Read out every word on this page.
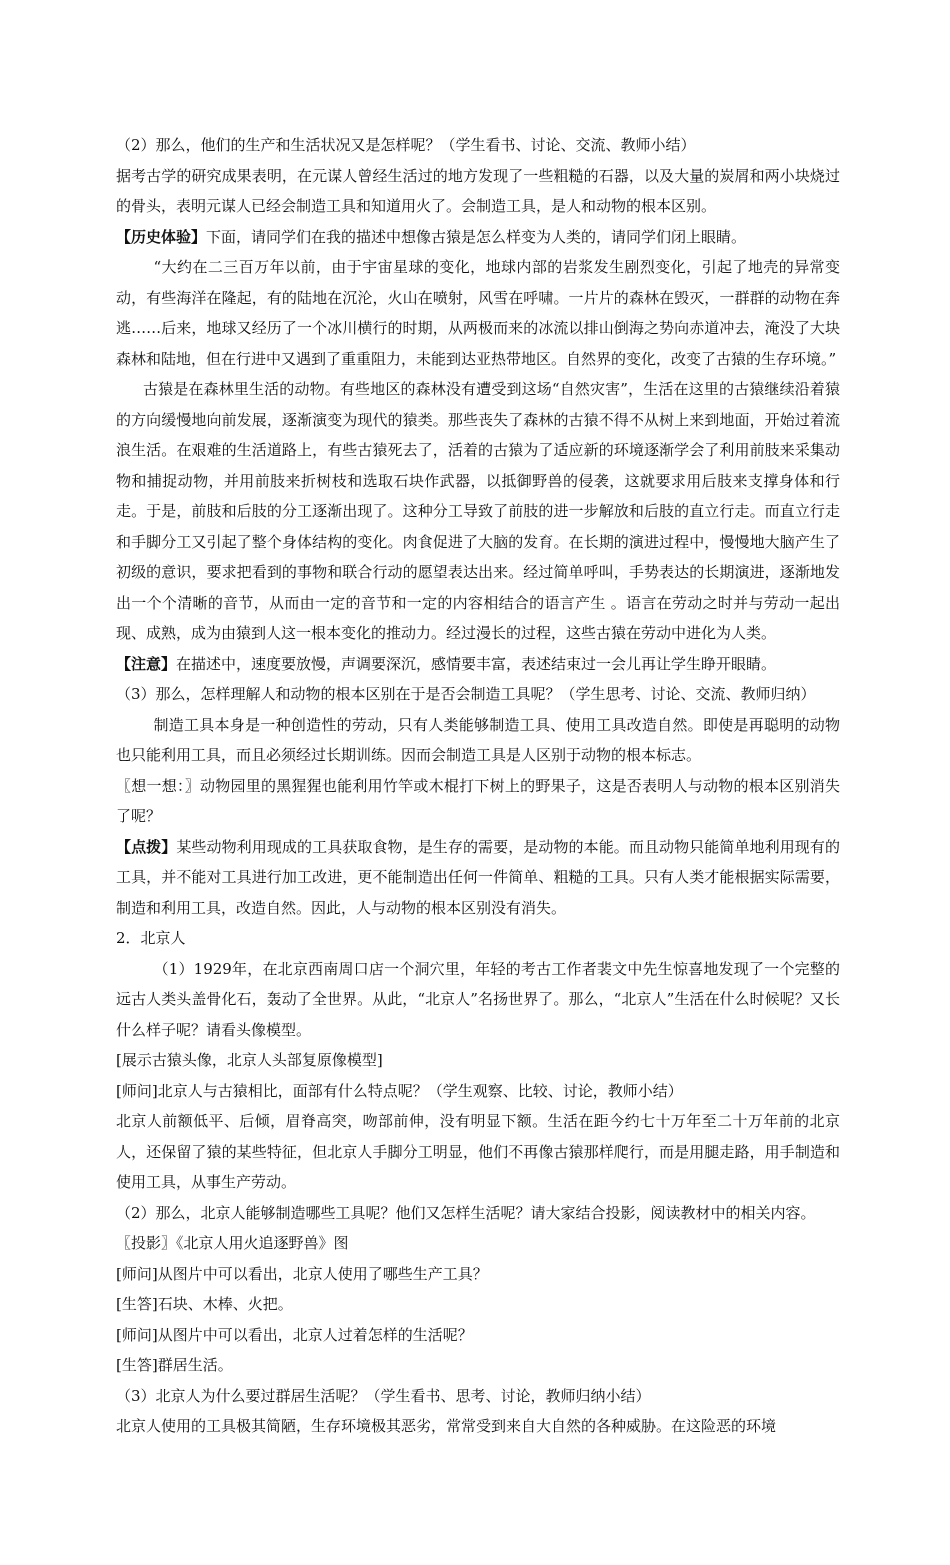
（2）那么，他们的生产和生活状况又是怎样呢？（学生看书、讨论、交流、教师小结）

据考古学的研究成果表明，在元谋人曾经生活过的地方发现了一些粗糙的石器，以及大量的炭屑和两小块烧过的骨头，表明元谋人已经会制造工具和知道用火了。会制造工具，是人和动物的根本区别。

【历史体验】下面，请同学们在我的描述中想像古猿是怎么样变为人类的，请同学们闭上眼睛。

“大约在二三百万年以前，由于宇宙星球的变化，地球内部的岩浆发生剧烈变化，引起了地壳的异常变动，有些海洋在隆起，有的陆地在沉沦，火山在喷射，风雪在呼啸。一片片的森林在毁灭，一群群的动物在奔逃……后来，地球又经历了一个冰川横行的时期，从两极而来的冰流以排山倒海之势向赤道冲去，淹没了大块森林和陆地，但在行进中又遇到了重重阻力，未能到达亚热带地区。自然界的变化，改变了古猿的生存环境。”

古猿是在森林里生活的动物。有些地区的森林没有遭受到这场“自然灾害”，生活在这里的古猿继续沿着猿的方向缓慢地向前发展，逐渐演变为现代的猿类。那些丧失了森林的古猿不得不从树上来到地面，开始过着流浪生活。在艰难的生活道路上，有些古猿死去了，活着的古猿为了适应新的环境逐渐学会了利用前肢来采集动物和捕捉动物，并用前肢来折树枝和选取石块作武器，以抵御野兽的侵袭，这就要求用后肢来支撑身体和行走。于是，前肢和后肢的分工逐渐出现了。这种分工导致了前肢的进一步解放和后肢的直立行走。而直立行走和手脚分工又引起了整个身体结构的变化。肉食促进了大脑的发育。在长期的演进过程中，慢慢地大脑产生了初级的意识，要求把看到的事物和联合行动的愿望表达出来。经过简单呼叫，手势表达的长期演进，逐渐地发出一个个清晰的音节，从而由一定的音节和一定的内容相结合的语言产生 。语言在劳动之时并与劳动一起出现、成熟，成为由猿到人这一根本变化的推动力。经过漫长的过程，这些古猿在劳动中进化为人类。

【注意】在描述中，速度要放慢，声调要深沉，感情要丰富，表述结束过一会儿再让学生睁开眼睛。

（3）那么，怎样理解人和动物的根本区别在于是否会制造工具呢？（学生思考、讨论、交流、教师归纳）

制造工具本身是一种创造性的劳动，只有人类能够制造工具、使用工具改造自然。即使是再聪明的动物也只能利用工具，而且必须经过长期训练。因而会制造工具是人区别于动物的根本标志。

〖想一想：〗动物园里的黑猩猩也能利用竹竿或木棍打下树上的野果子，这是否表明人与动物的根本区别消失了呢？

【点拨】某些动物利用现成的工具获取食物，是生存的需要，是动物的本能。而且动物只能简单地利用现有的工具，并不能对工具进行加工改进，更不能制造出任何一件简单、粗糙的工具。只有人类才能根据实际需要，制造和利用工具，改造自然。因此，人与动物的根本区别没有消失。

2．北京人

（1）1929年，在北京西南周口店一个洞穴里，年轻的考古工作者裴文中先生惊喜地发现了一个完整的远古人类头盖骨化石，轰动了全世界。从此，“北京人”名扬世界了。那么，“北京人”生活在什么时候呢？又长什么样子呢？请看头像模型。

[展示古猿头像，北京人头部复原像模型]

[师问]北京人与古猿相比，面部有什么特点呢？（学生观察、比较、讨论，教师小结）

北京人前额低平、后倾，眉脊高突，吻部前伸，没有明显下额。生活在距今约七十万年至二十万年前的北京人，还保留了猿的某些特征，但北京人手脚分工明显，他们不再像古猿那样爬行，而是用腿走路，用手制造和使用工具，从事生产劳动。

（2）那么，北京人能够制造哪些工具呢？他们又怎样生活呢？请大家结合投影，阅读教材中的相关内容。

〖投影〗《北京人用火追逐野兽》图

[师问]从图片中可以看出，北京人使用了哪些生产工具？

[生答]石块、木棒、火把。

[师问]从图片中可以看出，北京人过着怎样的生活呢？

[生答]群居生活。

（3）北京人为什么要过群居生活呢？（学生看书、思考、讨论，教师归纳小结）

北京人使用的工具极其简陋，生存环境极其恶劣，常常受到来自大自然的各种威胁。在这险恶的环境
